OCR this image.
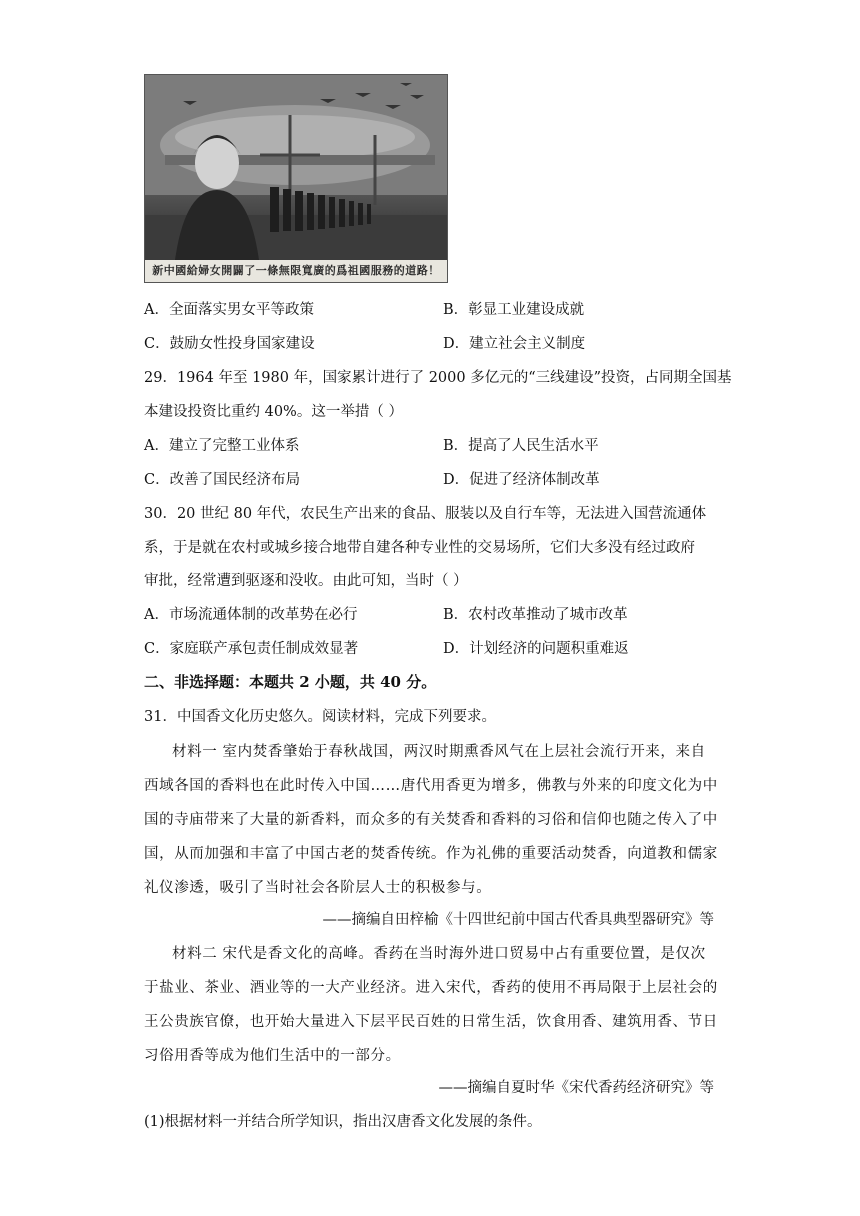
新中國給婦女開闢了一條無限寬廣的爲祖國服務的道路！
A．全面落实男女平等政策	B．彰显工业建设成就
C．鼓励女性投身国家建设	D．建立社会主义制度
29．1964 年至 1980 年，国家累计进行了 2000 多亿元的“三线建设”投资，占同期全国基
本建设投资比重约 40%。这一举措（ ）
A．建立了完整工业体系	B．提高了人民生活水平
C．改善了国民经济布局	D．促进了经济体制改革
30．20 世纪 80 年代，农民生产出来的食品、服装以及自行车等，无法进入国营流通体
系，于是就在农村或城乡接合地带自建各种专业性的交易场所，它们大多没有经过政府
审批，经常遭到驱逐和没收。由此可知，当时（ ）
A．市场流通体制的改革势在必行	B．农村改革推动了城市改革
C．家庭联产承包责任制成效显著	D．计划经济的问题积重难返
二、非选择题：本题共 2 小题，共 40 分。
31．中国香文化历史悠久。阅读材料，完成下列要求。
材料一 室内焚香肇始于春秋战国，两汉时期熏香风气在上层社会流行开来，来自
西域各国的香料也在此时传入中国……唐代用香更为增多，佛教与外来的印度文化为中
国的寺庙带来了大量的新香料，而众多的有关焚香和香料的习俗和信仰也随之传入了中
国，从而加强和丰富了中国古老的焚香传统。作为礼佛的重要活动焚香，向道教和儒家
礼仪渗透，吸引了当时社会各阶层人士的积极参与。
——摘编自田梓榆《十四世纪前中国古代香具典型器研究》等
材料二 宋代是香文化的高峰。香药在当时海外进口贸易中占有重要位置，是仅次
于盐业、茶业、酒业等的一大产业经济。进入宋代，香药的使用不再局限于上层社会的
王公贵族官僚，也开始大量进入下层平民百姓的日常生活，饮食用香、建筑用香、节日
习俗用香等成为他们生活中的一部分。
——摘编自夏时华《宋代香药经济研究》等
(1)根据材料一并结合所学知识，指出汉唐香文化发展的条件。
